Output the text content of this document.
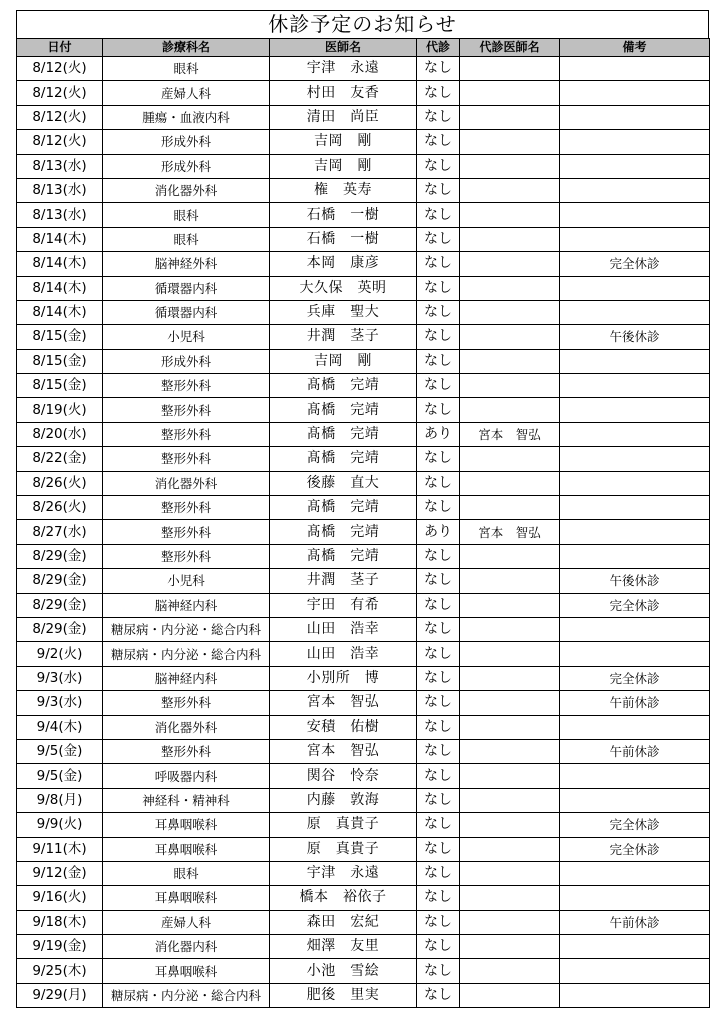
休診予定のお知らせ
日付	診療科名	医師名	代診	代診医師名	備考
8/12(火)	眼科	宇津　永遠	なし		
8/12(火)	産婦人科	村田　友香	なし		
8/12(火)	腫瘍・血液内科	清田　尚臣	なし		
8/12(火)	形成外科	吉岡　剛	なし		
8/13(水)	形成外科	吉岡　剛	なし		
8/13(水)	消化器外科	権　英寿	なし		
8/13(水)	眼科	石橋　一樹	なし		
8/14(木)	眼科	石橋　一樹	なし		
8/14(木)	脳神経外科	本岡　康彦	なし		完全休診
8/14(木)	循環器内科	大久保　英明	なし		
8/14(木)	循環器内科	兵庫　聖大	なし		
8/15(金)	小児科	井潤　茎子	なし		午後休診
8/15(金)	形成外科	吉岡　剛	なし		
8/15(金)	整形外科	髙橋　完靖	なし		
8/19(火)	整形外科	髙橋　完靖	なし		
8/20(水)	整形外科	髙橋　完靖	あり	宮本　智弘	
8/22(金)	整形外科	髙橋　完靖	なし		
8/26(火)	消化器外科	後藤　直大	なし		
8/26(火)	整形外科	髙橋　完靖	なし		
8/27(水)	整形外科	髙橋　完靖	あり	宮本　智弘	
8/29(金)	整形外科	髙橋　完靖	なし		
8/29(金)	小児科	井潤　茎子	なし		午後休診
8/29(金)	脳神経内科	宇田　有希	なし		完全休診
8/29(金)	糖尿病・内分泌・総合内科	山田　浩幸	なし		
9/2(火)	糖尿病・内分泌・総合内科	山田　浩幸	なし		
9/3(水)	脳神経内科	小別所　博	なし		完全休診
9/3(水)	整形外科	宮本　智弘	なし		午前休診
9/4(木)	消化器外科	安積　佑樹	なし		
9/5(金)	整形外科	宮本　智弘	なし		午前休診
9/5(金)	呼吸器内科	関谷　怜奈	なし		
9/8(月)	神経科・精神科	内藤　敦海	なし		
9/9(火)	耳鼻咽喉科	原　真貴子	なし		完全休診
9/11(木)	耳鼻咽喉科	原　真貴子	なし		完全休診
9/12(金)	眼科	宇津　永遠	なし		
9/16(火)	耳鼻咽喉科	橋本　裕依子	なし		
9/18(木)	産婦人科	森田　宏紀	なし		午前休診
9/19(金)	消化器内科	畑澤　友里	なし		
9/25(木)	耳鼻咽喉科	小池　雪絵	なし		
9/29(月)	糖尿病・内分泌・総合内科	肥後　里実	なし		
